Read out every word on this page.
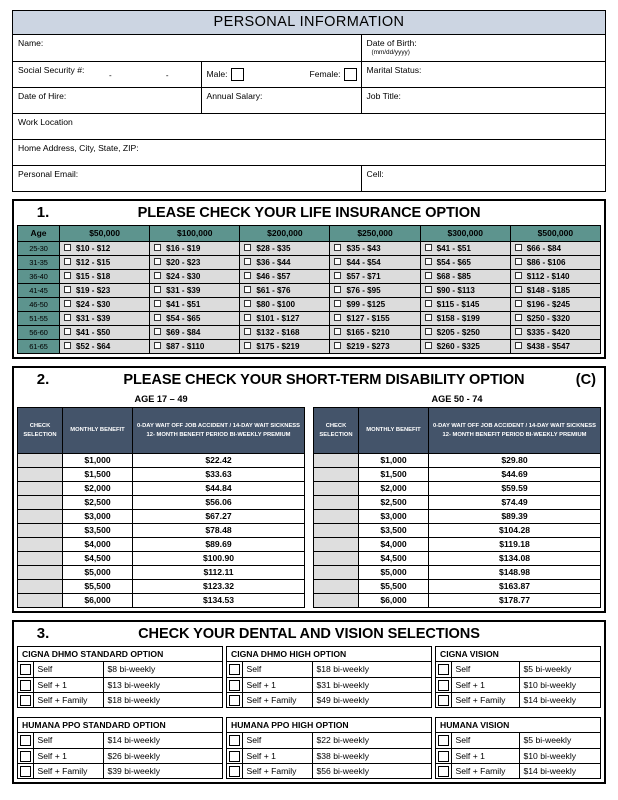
PERSONAL INFORMATION
Name:		Date of Birth:
(mm/dd/yyyy)

Social Security #:
- -	Male: Female:	Marital Status:
Date of Hire:	Annual Salary:	Job Title:
Work Location		
Home Address, City, State, ZIP:		
Personal Email:		Cell:
1.	PLEASE CHECK YOUR LIFE INSURANCE OPTION
Age	$50,000	$100,000	$200,000	$250,000	$300,000	$500,000
25-30	$10 - $12	$16 - $19	$28 - $35	$35 - $43	$41 - $51	$66 - $84
31-35	$12 - $15	$20 - $23	$36 - $44	$44 - $54	$54 - $65	$86 - $106
36-40	$15 - $18	$24 - $30	$46 - $57	$57 - $71	$68 - $85	$112 - $140
41-45	$19 - $23	$31 - $39	$61 - $76	$76 - $95	$90 - $113	$148 - $185
46-50	$24 - $30	$41 - $51	$80 - $100	$99 - $125	$115 - $145	$196 - $245
51-55	$31 - $39	$54 - $65	$101 - $127	$127 - $155	$158 - $199	$250 - $320
56-60	$41 - $50	$69 - $84	$132 - $168	$165 - $210	$205 - $250	$335 - $420
61-65	$52 - $64	$87 - $110	$175 - $219	$219 - $273	$260 - $325	$438 - $547
2.	PLEASE CHECK YOUR SHORT-TERM DISABILITY OPTION	(C)
AGE 17 – 49
CHECK SELECTION	MONTHLY BENEFIT	0-DAY WAIT OFF JOB ACCIDENT / 14-DAY WAIT SICKNESS 12- MONTH BENEFIT PERIOD BI-WEEKLY PREMIUM
	$1,000	$22.42
	$1,500	$33.63
	$2,000	$44.84
	$2,500	$56.06
	$3,000	$67.27
	$3,500	$78.48
	$4,000	$89.69
	$4,500	$100.90
	$5,000	$112.11
	$5,500	$123.32
	$6,000	$134.53
AGE 50 - 74
CHECK SELECTION	MONTHLY BENEFIT	0-DAY WAIT OFF JOB ACCIDENT / 14-DAY WAIT SICKNESS 12- MONTH BENEFIT PERIOD BI-WEEKLY PREMIUM
	$1,000	$29.80
	$1,500	$44.69
	$2,000	$59.59
	$2,500	$74.49
	$3,000	$89.39
	$3,500	$104.28
	$4,000	$119.18
	$4,500	$134.08
	$5,000	$148.98
	$5,500	$163.87
	$6,000	$178.77
3.	CHECK YOUR DENTAL AND VISION SELECTIONS
CIGNA DHMO STANDARD OPTION
	Self	$8 bi-weekly

	Self + 1	$13 bi-weekly

	Self + Family	$18 bi-weekly
CIGNA DHMO HIGH OPTION
	Self	$18 bi-weekly

	Self + 1	$31 bi-weekly

	Self + Family	$49 bi-weekly
CIGNA VISION
	Self	$5 bi-weekly

	Self + 1	$10 bi-weekly

	Self + Family	$14 bi-weekly
HUMANA PPO STANDARD OPTION
	Self	$14 bi-weekly

	Self + 1	$26 bi-weekly

	Self + Family	$39 bi-weekly
HUMANA PPO HIGH OPTION
	Self	$22 bi-weekly

	Self + 1	$38 bi-weekly

	Self + Family	$56 bi-weekly
HUMANA VISION
	Self	$5 bi-weekly

	Self + 1	$10 bi-weekly

	Self + Family	$14 bi-weekly
